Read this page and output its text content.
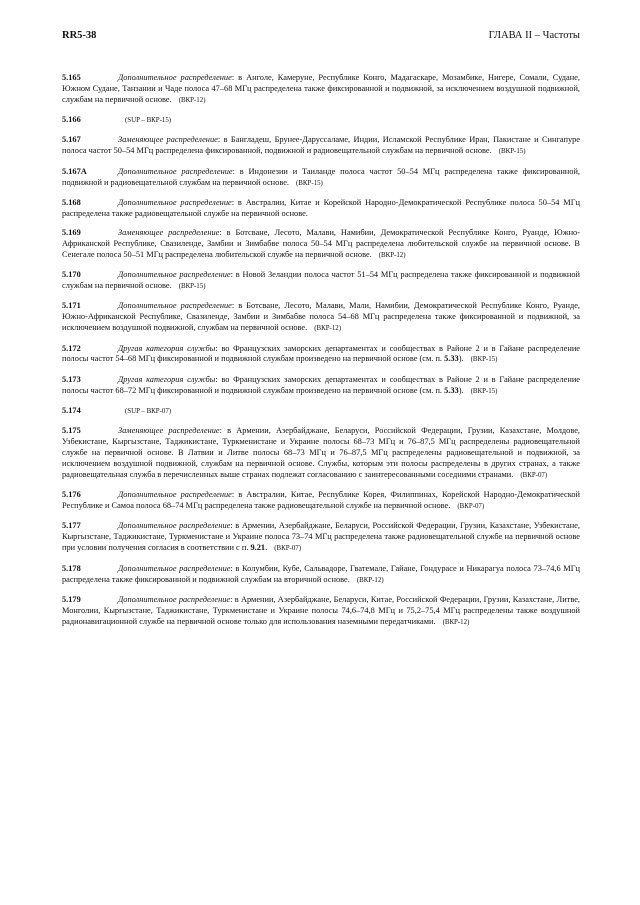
RR5-38	ГЛАВА II – Частоты

5.165	Дополнительное распределение: в Анголе, Камеруне, Республике Конго, Мадагаскаре, Мозамбике, Нигере, Сомали, Судане, Южном Судане, Танзании и Чаде полоса 47–68 МГц распределена также фиксированной и подвижной, за исключением воздушной подвижной, службам на первичной основе. (ВКР-12)

5.166	(SUP – ВКР-15)

5.167	Заменяющее распределение: в Бангладеш, Брунее-Даруссаламе, Индии, Исламской Республике Иран, Пакистане и Сингапуре полоса частот 50–54 МГц распределена фиксированной, подвижной и радиовещательной службам на первичной основе. (ВКР-15)

5.167A	Дополнительное распределение: в Индонезии и Таиланде полоса частот 50–54 МГц распределена также фиксированной, подвижной и радиовещательной службам на первичной основе. (ВКР-15)

5.168	Дополнительное распределение: в Австралии, Китае и Корейской Народно-Демократической Республике полоса 50–54 МГц распределена также радиовещательной службе на первичной основе.

5.169	Заменяющее распределение: в Ботсване, Лесото, Малави, Намибии, Демократической Республике Конго, Руанде, Южно-Африканской Республике, Свазиленде, Замбии и Зимбабве полоса 50–54 МГц распределена любительской службе на первичной основе. В Сенегале полоса 50–51 МГц распределена любительской службе на первичной основе. (ВКР-12)

5.170	Дополнительное распределение: в Новой Зеландии полоса частот 51–54 МГц распределена также фиксированной и подвижной службам на первичной основе. (ВКР-15)

5.171	Дополнительное распределение: в Ботсване, Лесото, Малави, Мали, Намибии, Демократической Республике Конго, Руанде, Южно-Африканской Республике, Свазиленде, Замбии и Зимбабве полоса 54–68 МГц распределена также фиксированной и подвижной, за исключением воздушной подвижной, службам на первичной основе. (ВКР-12)

5.172	Другая категория службы: во Французских заморских департаментах и сообществах в Районе 2 и в Гайане распределение полосы частот 54–68 МГц фиксированной и подвижной службам произведено на первичной основе (см. п. 5.33). (ВКР-15)

5.173	Другая категория службы: во Французских заморских департаментах и сообществах в Районе 2 и в Гайане распределение полосы частот 68–72 МГц фиксированной и подвижной службам произведено на первичной основе (см. п. 5.33). (ВКР-15)

5.174	(SUP – ВКР-07)

5.175	Заменяющее распределение: в Армении, Азербайджане, Беларуси, Российской Федерации, Грузии, Казахстане, Молдове, Узбекистане, Кыргызстане, Таджикистане, Туркменистане и Украине полосы 68–73 МГц и 76–87,5 МГц распределены радиовещательной службе на первичной основе. В Латвии и Литве полосы 68–73 МГц и 76–87,5 МГц распределены радиовещательной и подвижной, за исключением воздушной подвижной, службам на первичной основе. Службы, которым эти полосы распределены в других странах, а также радиовещательная служба в перечисленных выше странах подлежат согласованию с заинтересованными соседними странами. (ВКР-07)

5.176	Дополнительное распределение: в Австралии, Китае, Республике Корея, Филиппинах, Корейской Народно-Демократической Республике и Самоа полоса 68–74 МГц распределена также радиовещательной службе на первичной основе. (ВКР-07)

5.177	Дополнительное распределение: в Армении, Азербайджане, Беларуси, Российской Федерации, Грузии, Казахстане, Узбекистане, Кыргызстане, Таджикистане, Туркменистане и Украине полоса 73–74 МГц распределена также радиовещательной службе на первичной основе при условии получения согласия в соответствии с п. 9.21. (ВКР-07)

5.178	Дополнительное распределение: в Колумбии, Кубе, Сальвадоре, Гватемале, Гайане, Гондурасе и Никарагуа полоса 73–74,6 МГц распределена также фиксированной и подвижной службам на вторичной основе. (ВКР-12)

5.179	Дополнительное распределение: в Армении, Азербайджане, Беларуси, Китае, Российской Федерации, Грузии, Казахстане, Литве, Монголии, Кыргызстане, Таджикистане, Туркменистане и Украине полосы 74,6–74,8 МГц и 75,2–75,4 МГц распределены также воздушной радионавигационной службе на первичной основе только для использования наземными передатчиками. (ВКР-12)
